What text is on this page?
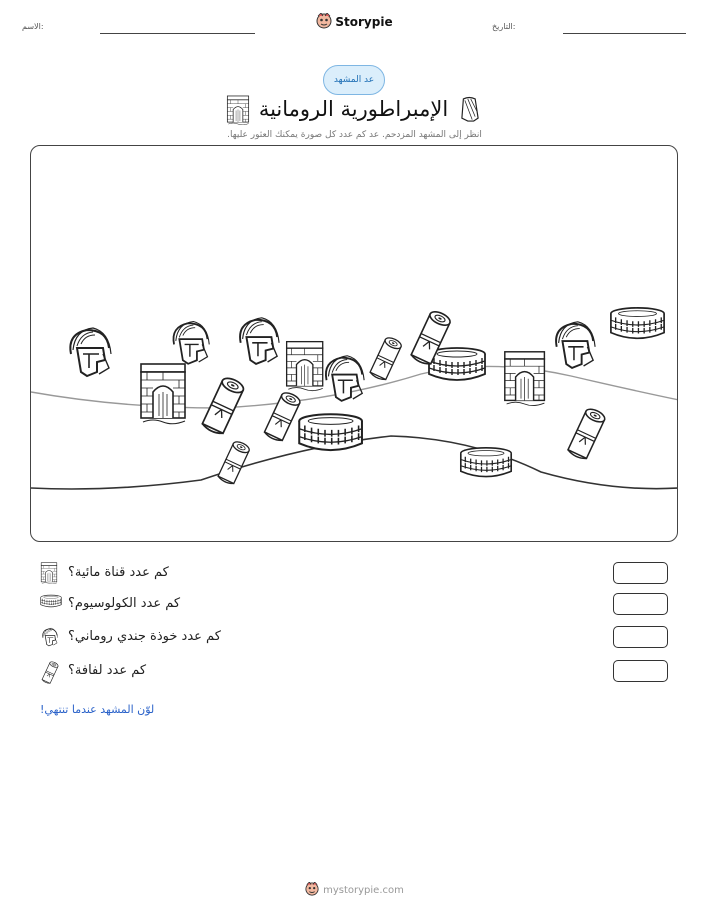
الاسم:	التاريخ:
Storypie
عد المشهد
الإمبراطورية الرومانية
انظر إلى المشهد المزدحم. عد كم عدد كل صورة يمكنك العثور عليها.
كم عدد قناة مائية؟
كم عدد الكولوسيوم؟
كم عدد خوذة جندي روماني؟
كم عدد لفافة؟
لوّن المشهد عندما تنتهي!
mystorypie.com
